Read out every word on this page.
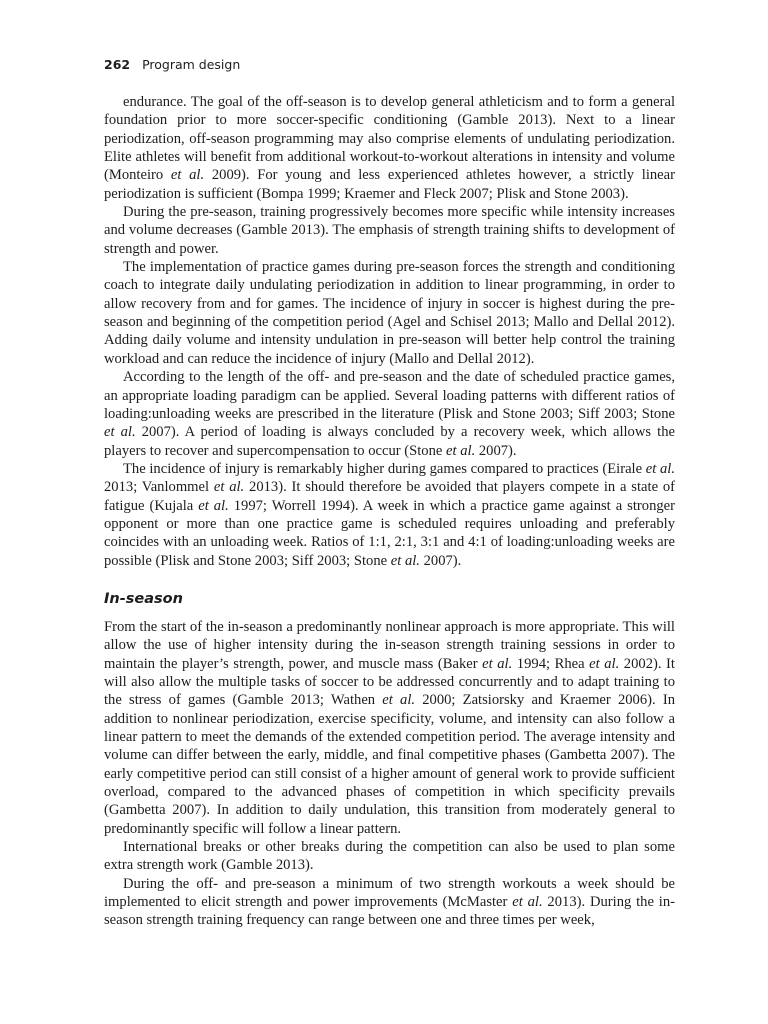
262 Program design

endurance. The goal of the off-season is to develop general athleticism and to form a general foundation prior to more soccer-specific conditioning (Gamble 2013). Next to a linear periodization, off-season programming may also comprise elements of undulating periodization. Elite athletes will benefit from additional workout-to-workout alterations in intensity and volume (Monteiro et al. 2009). For young and less experienced athletes however, a strictly linear periodization is sufficient (Bompa 1999; Kraemer and Fleck 2007; Plisk and Stone 2003).

During the pre-season, training progressively becomes more specific while intensity increases and volume decreases (Gamble 2013). The emphasis of strength training shifts to development of strength and power.

The implementation of practice games during pre-season forces the strength and conditioning coach to integrate daily undulating periodization in addition to linear programming, in order to allow recovery from and for games. The incidence of injury in soccer is highest during the pre-season and beginning of the competition period (Agel and Schisel 2013; Mallo and Dellal 2012). Adding daily volume and intensity undulation in pre-season will better help control the training workload and can reduce the incidence of injury (Mallo and Dellal 2012).

According to the length of the off- and pre-season and the date of scheduled practice games, an appropriate loading paradigm can be applied. Several loading patterns with different ratios of loading:unloading weeks are prescribed in the literature (Plisk and Stone 2003; Siff 2003; Stone et al. 2007). A period of loading is always concluded by a recovery week, which allows the players to recover and supercompensation to occur (Stone et al. 2007).

The incidence of injury is remarkably higher during games compared to practices (Eirale et al. 2013; Vanlommel et al. 2013). It should therefore be avoided that players compete in a state of fatigue (Kujala et al. 1997; Worrell 1994). A week in which a practice game against a stronger opponent or more than one practice game is scheduled requires unloading and preferably coincides with an unloading week. Ratios of 1:1, 2:1, 3:1 and 4:1 of loading:unloading weeks are possible (Plisk and Stone 2003; Siff 2003; Stone et al. 2007).

In-season

From the start of the in-season a predominantly nonlinear approach is more appropriate. This will allow the use of higher intensity during the in-season strength training sessions in order to maintain the player’s strength, power, and muscle mass (Baker et al. 1994; Rhea et al. 2002). It will also allow the multiple tasks of soccer to be addressed concurrently and to adapt training to the stress of games (Gamble 2013; Wathen et al. 2000; Zatsiorsky and Kraemer 2006). In addition to nonlinear periodization, exercise specificity, volume, and intensity can also follow a linear pattern to meet the demands of the extended competition period. The average intensity and volume can differ between the early, middle, and final competitive phases (Gambetta 2007). The early competitive period can still consist of a higher amount of general work to provide sufficient overload, compared to the advanced phases of competition in which specificity prevails (Gambetta 2007). In addition to daily undulation, this transition from moderately general to predominantly specific will follow a linear pattern.

International breaks or other breaks during the competition can also be used to plan some extra strength work (Gamble 2013).

During the off- and pre-season a minimum of two strength workouts a week should be implemented to elicit strength and power improvements (McMaster et al. 2013). During the in-season strength training frequency can range between one and three times per week,
